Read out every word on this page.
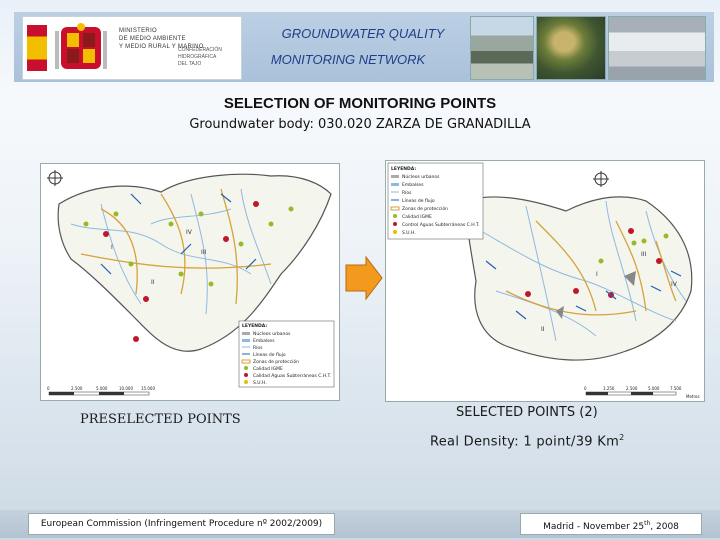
MINISTERIO
DE MEDIO AMBIENTE
Y MEDIO RURAL Y MARINO
CONFEDERACIÓN
HIDROGRÁFICA
DEL TAJO
GROUNDWATER QUALITY
MONITORING NETWORK
SELECTION OF MONITORING POINTS
Groundwater body: 030.020 ZARZA DE GRANADILLA
I
II
III
IV
LEYENDA:
Núcleos urbanos
Embalses
Ríos
Líneas de flujo
Zonas de protección
Calidad IGME
Calidad Aguas Subterráneas C.H.T.
S.U.H.
0	2.500	5.000	10.000 15.000
I
II
III
IV
LEYENDA:
Núcleos urbanos
Embalses
Ríos
Líneas de flujo
Zonas de protección
Calidad IGME
Control Aguas Subterráneas C.H.T.
S.U.H.
0	1.250	2.500	5.000	7.500
Metros
PRESELECTED POINTS	SELECTED POINTS (2)
Real Density: 1 point/39 Km$^2$
European Commission (Infringement Procedure nº 2002/2009)	Madrid - November 25th, 2008
